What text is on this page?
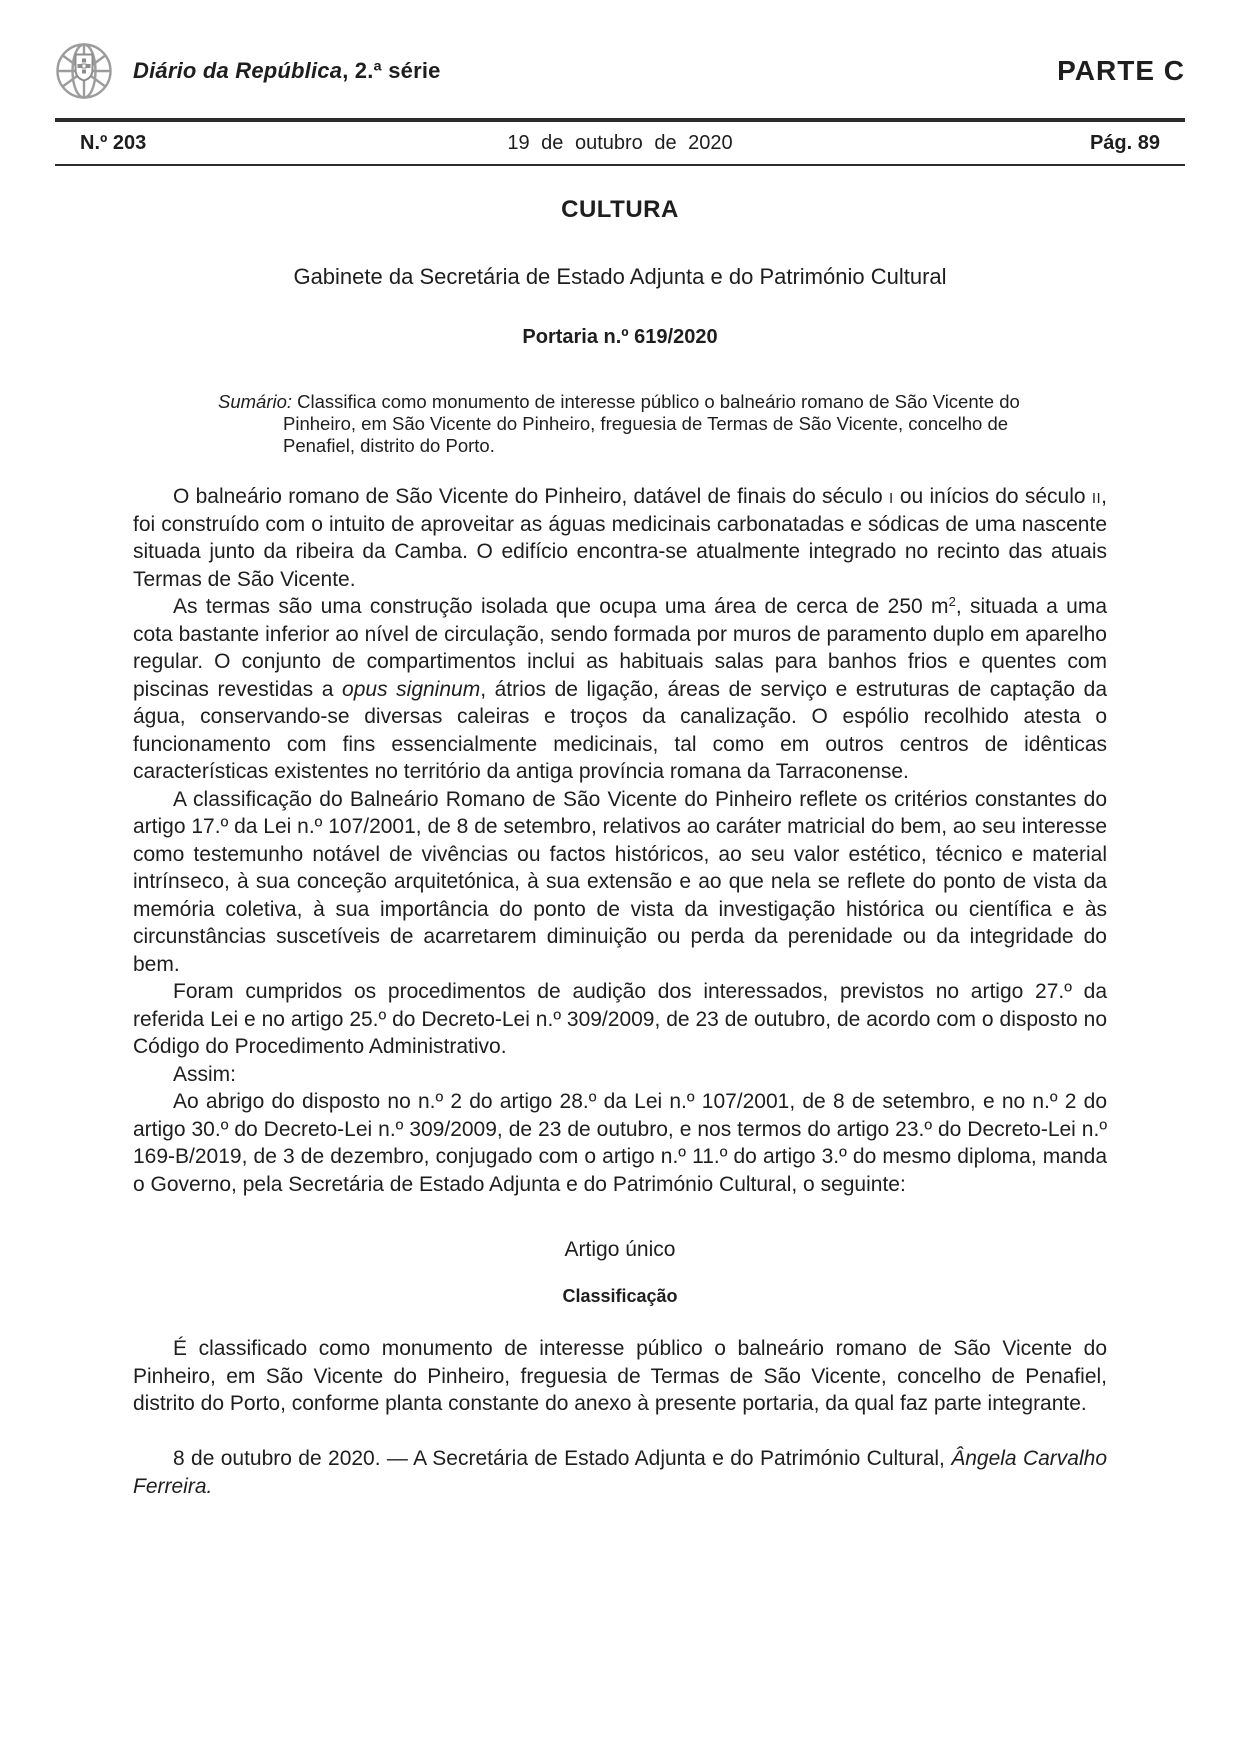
Diário da República, 2.ª série	PARTE C
N.º 203	19 de outubro de 2020	Pág. 89
CULTURA
Gabinete da Secretária de Estado Adjunta e do Património Cultural
Portaria n.º 619/2020
Sumário: Classifica como monumento de interesse público o balneário romano de São Vicente do Pinheiro, em São Vicente do Pinheiro, freguesia de Termas de São Vicente, concelho de Penafiel, distrito do Porto.

O balneário romano de São Vicente do Pinheiro, datável de finais do século i ou inícios do século ii, foi construído com o intuito de aproveitar as águas medicinais carbonatadas e sódicas de uma nascente situada junto da ribeira da Camba. O edifício encontra-se atualmente integrado no recinto das atuais Termas de São Vicente.

As termas são uma construção isolada que ocupa uma área de cerca de 250 $m^2$, situada a uma cota bastante inferior ao nível de circulação, sendo formada por muros de paramento duplo em aparelho regular. O conjunto de compartimentos inclui as habituais salas para banhos frios e quentes com piscinas revestidas a opus signinum, átrios de ligação, áreas de serviço e estruturas de captação da água, conservando-se diversas caleiras e troços da canalização. O espólio recolhido atesta o funcionamento com fins essencialmente medicinais, tal como em outros centros de idênticas características existentes no território da antiga província romana da Tarraconense.

A classificação do Balneário Romano de São Vicente do Pinheiro reflete os critérios constantes do artigo 17.º da Lei n.º 107/2001, de 8 de setembro, relativos ao caráter matricial do bem, ao seu interesse como testemunho notável de vivências ou factos históricos, ao seu valor estético, técnico e material intrínseco, à sua conceção arquitetónica, à sua extensão e ao que nela se reflete do ponto de vista da memória coletiva, à sua importância do ponto de vista da investigação histórica ou científica e às circunstâncias suscetíveis de acarretarem diminuição ou perda da perenidade ou da integridade do bem.

Foram cumpridos os procedimentos de audição dos interessados, previstos no artigo 27.º da referida Lei e no artigo 25.º do Decreto-Lei n.º 309/2009, de 23 de outubro, de acordo com o disposto no Código do Procedimento Administrativo.

Assim:

Ao abrigo do disposto no n.º 2 do artigo 28.º da Lei n.º 107/2001, de 8 de setembro, e no n.º 2 do artigo 30.º do Decreto-Lei n.º 309/2009, de 23 de outubro, e nos termos do artigo 23.º do Decreto-Lei n.º 169-B/2019, de 3 de dezembro, conjugado com o artigo n.º 11.º do artigo 3.º do mesmo diploma, manda o Governo, pela Secretária de Estado Adjunta e do Património Cultural, o seguinte:

Artigo único
Classificação

É classificado como monumento de interesse público o balneário romano de São Vicente do Pinheiro, em São Vicente do Pinheiro, freguesia de Termas de São Vicente, concelho de Penafiel, distrito do Porto, conforme planta constante do anexo à presente portaria, da qual faz parte integrante.

8 de outubro de 2020. — A Secretária de Estado Adjunta e do Património Cultural, Ângela Carvalho Ferreira.
